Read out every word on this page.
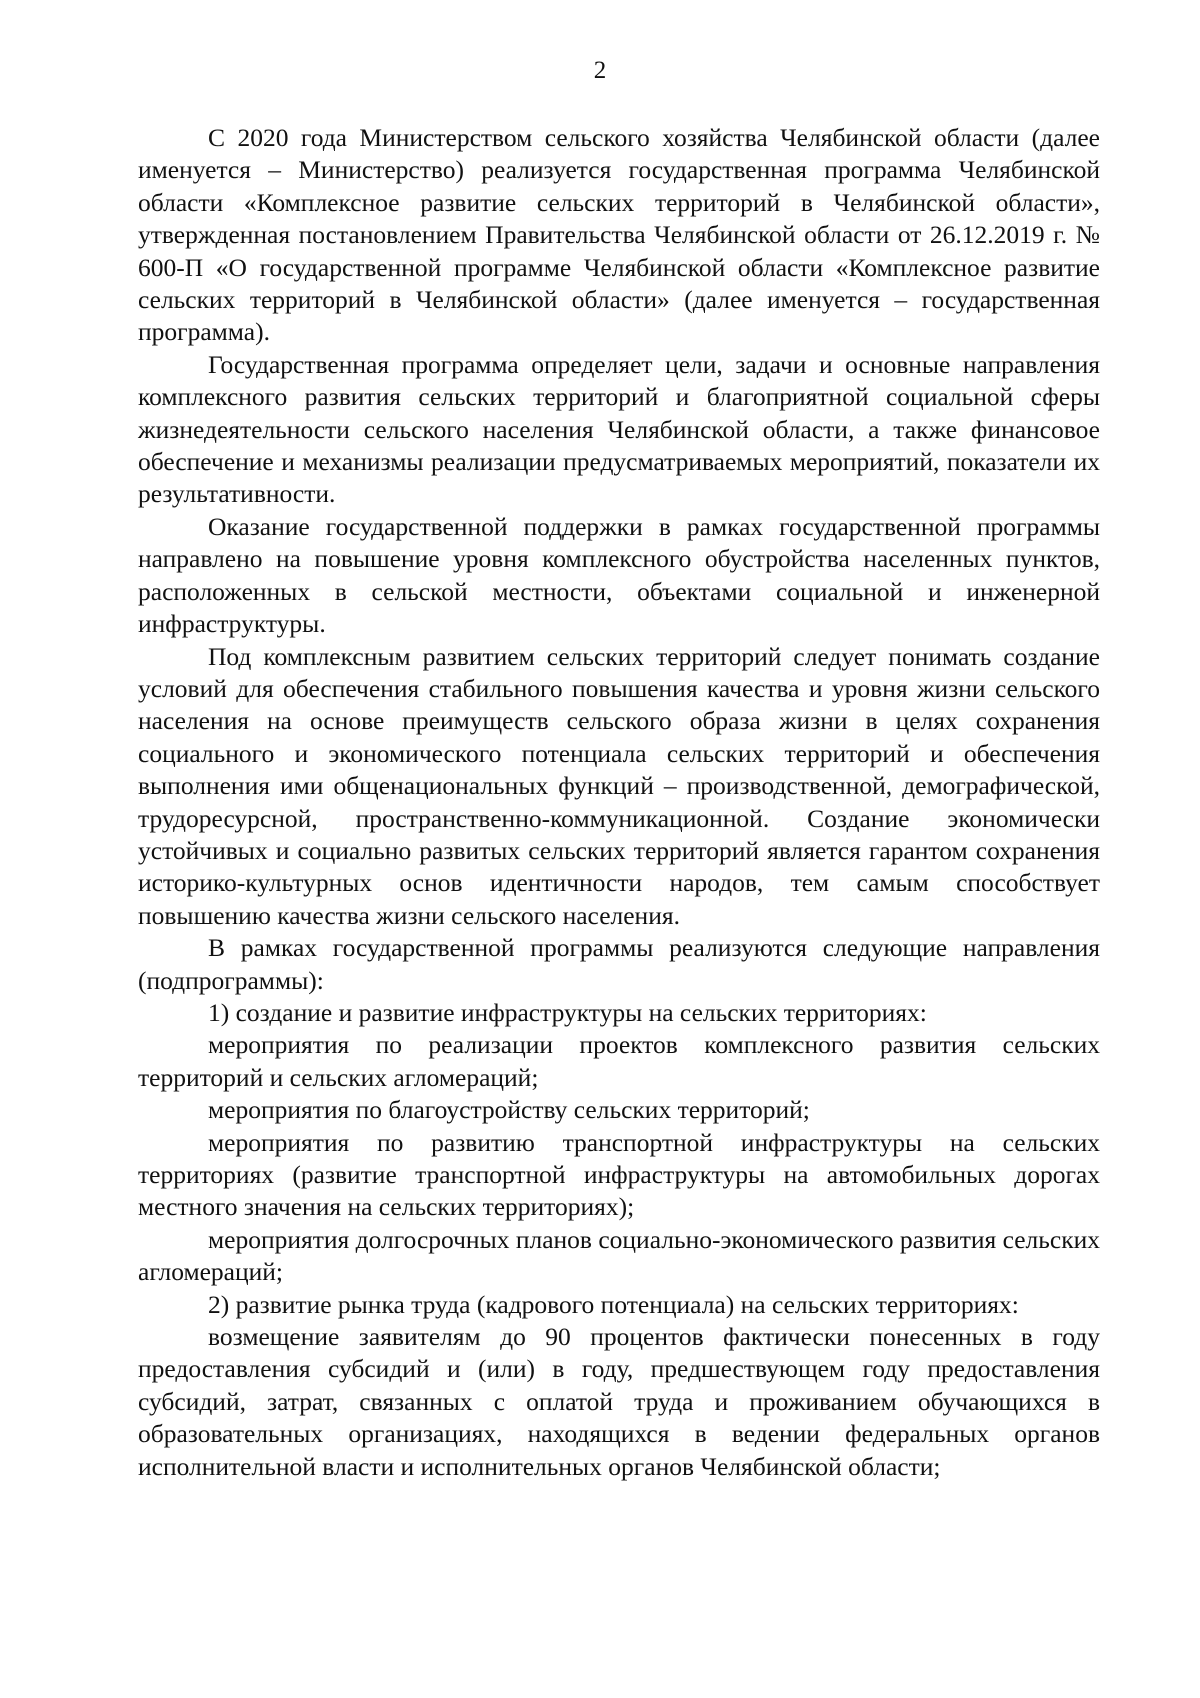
2

С 2020 года Министерством сельского хозяйства Челябинской области (далее именуется – Министерство) реализуется государственная программа Челябинской области «Комплексное развитие сельских территорий в Челябинской области», утвержденная постановлением Правительства Челябинской области от 26.12.2019 г. № 600-П «О государственной программе Челябинской области «Комплексное развитие сельских территорий в Челябинской области» (далее именуется – государственная программа).

Государственная программа определяет цели, задачи и основные направления комплексного развития сельских территорий и благоприятной социальной сферы жизнедеятельности сельского населения Челябинской области, а также финансовое обеспечение и механизмы реализации предусматриваемых мероприятий, показатели их результативности.

Оказание государственной поддержки в рамках государственной программы направлено на повышение уровня комплексного обустройства населенных пунктов, расположенных в сельской местности, объектами социальной и инженерной инфраструктуры.

Под комплексным развитием сельских территорий следует понимать создание условий для обеспечения стабильного повышения качества и уровня жизни сельского населения на основе преимуществ сельского образа жизни в целях сохранения социального и экономического потенциала сельских территорий и обеспечения выполнения ими общенациональных функций – производственной, демографической, трудоресурсной, пространственно-коммуникационной. Создание экономически устойчивых и социально развитых сельских территорий является гарантом сохранения историко-культурных основ идентичности народов, тем самым способствует повышению качества жизни сельского населения.

В рамках государственной программы реализуются следующие направления (подпрограммы):

1) создание и развитие инфраструктуры на сельских территориях:

мероприятия по реализации проектов комплексного развития сельских территорий и сельских агломераций;

мероприятия по благоустройству сельских территорий;

мероприятия по развитию транспортной инфраструктуры на сельских территориях (развитие транспортной инфраструктуры на автомобильных дорогах местного значения на сельских территориях);

мероприятия долгосрочных планов социально-экономического развития сельских агломераций;

2) развитие рынка труда (кадрового потенциала) на сельских территориях:

возмещение заявителям до 90 процентов фактически понесенных в году предоставления субсидий и (или) в году, предшествующем году предоставления субсидий, затрат, связанных с оплатой труда и проживанием обучающихся в образовательных организациях, находящихся в ведении федеральных органов исполнительной власти и исполнительных органов Челябинской области;
